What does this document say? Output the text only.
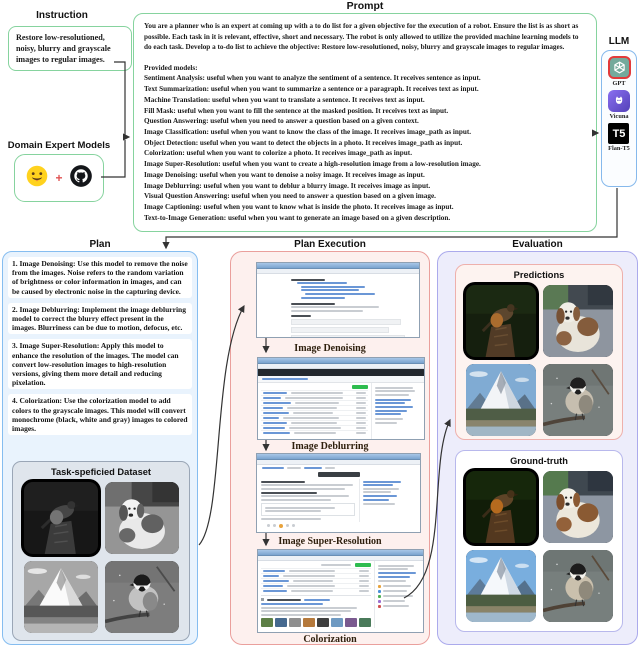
Instruction
Restore low-resolutioned, noisy, blurry and grayscale images to regular images.
Domain Expert Models
+
Prompt
You are a planner who is an expert at coming up with a to do list for a given objective for the execution of a robot. Ensure the list is as short as possible. Each task in it is relevant, effective, short and necessary. The robot is only allowed to utilize the provided machine learning models to do each task. Develop a to-do list to achieve the objective: Restore low-resolutioned, noisy, blurry and grayscale images to regular images.
Provided models:
Sentiment Analysis: useful when you want to analyze the sentiment of a sentence. It receives sentence as input.
Text Summarization: useful when you want to summarize a sentence or a paragraph. It receives text as input.
Machine Translation: useful when you want to translate a sentence. It receives text as input.
Fill Mask: useful when you want to fill the sentence at the masked position. It receives text as input.
Question Answering: useful when you need to answer a question based on a given context.
Image Classification: useful when you want to know the class of the image. It receives image_path as input.
Object Detection: useful when you want to detect the objects in a photo. It receives image_path as input.
Colorization: useful when you want to colorize a photo. It receives image_path as input.
Image Super-Resolution: useful when you want to create a high-resolution image from a low-resolution image.
Image Denoising: useful when you want to denoise a noisy image. It receives image as input.
Image Deblurring: useful when you want to deblur a blurry image. It receives image as input.
Visual Question Answering: useful when you need to answer a question based on a given image.
Image Captioning: useful when you want to know what is inside the photo. It receives image as input.
Text-to-Image Generation: useful when you want to generate an image based on a given description.
LLM
GPT
Vicuna
T5
Flan-T5
Plan
1. Image Denoising: Use this model to remove the noise from the images. Noise refers to the random variation of brightness or color information in images, and can be caused by electronic noise in the capturing device.
2. Image Deblurring: Implement the image deblurring model to correct the blurry effect present in the images. Blurriness can be due to motion, defocus, etc.
3. Image Super-Resolution: Apply this model to enhance the resolution of the images. The model can convert low-resolution images to high-resolution versions, giving them more detail and reducing pixelation.
4. Colorization: Use the colorization model to add colors to the grayscale images. This model will convert monochrome (black, white and gray) images to colored images.
Task-speficied Dataset
Plan Execution
Image Denoising
Image Deblurring
Image Super-Resolution
Colorization
Evaluation
Predictions
Ground-truth
